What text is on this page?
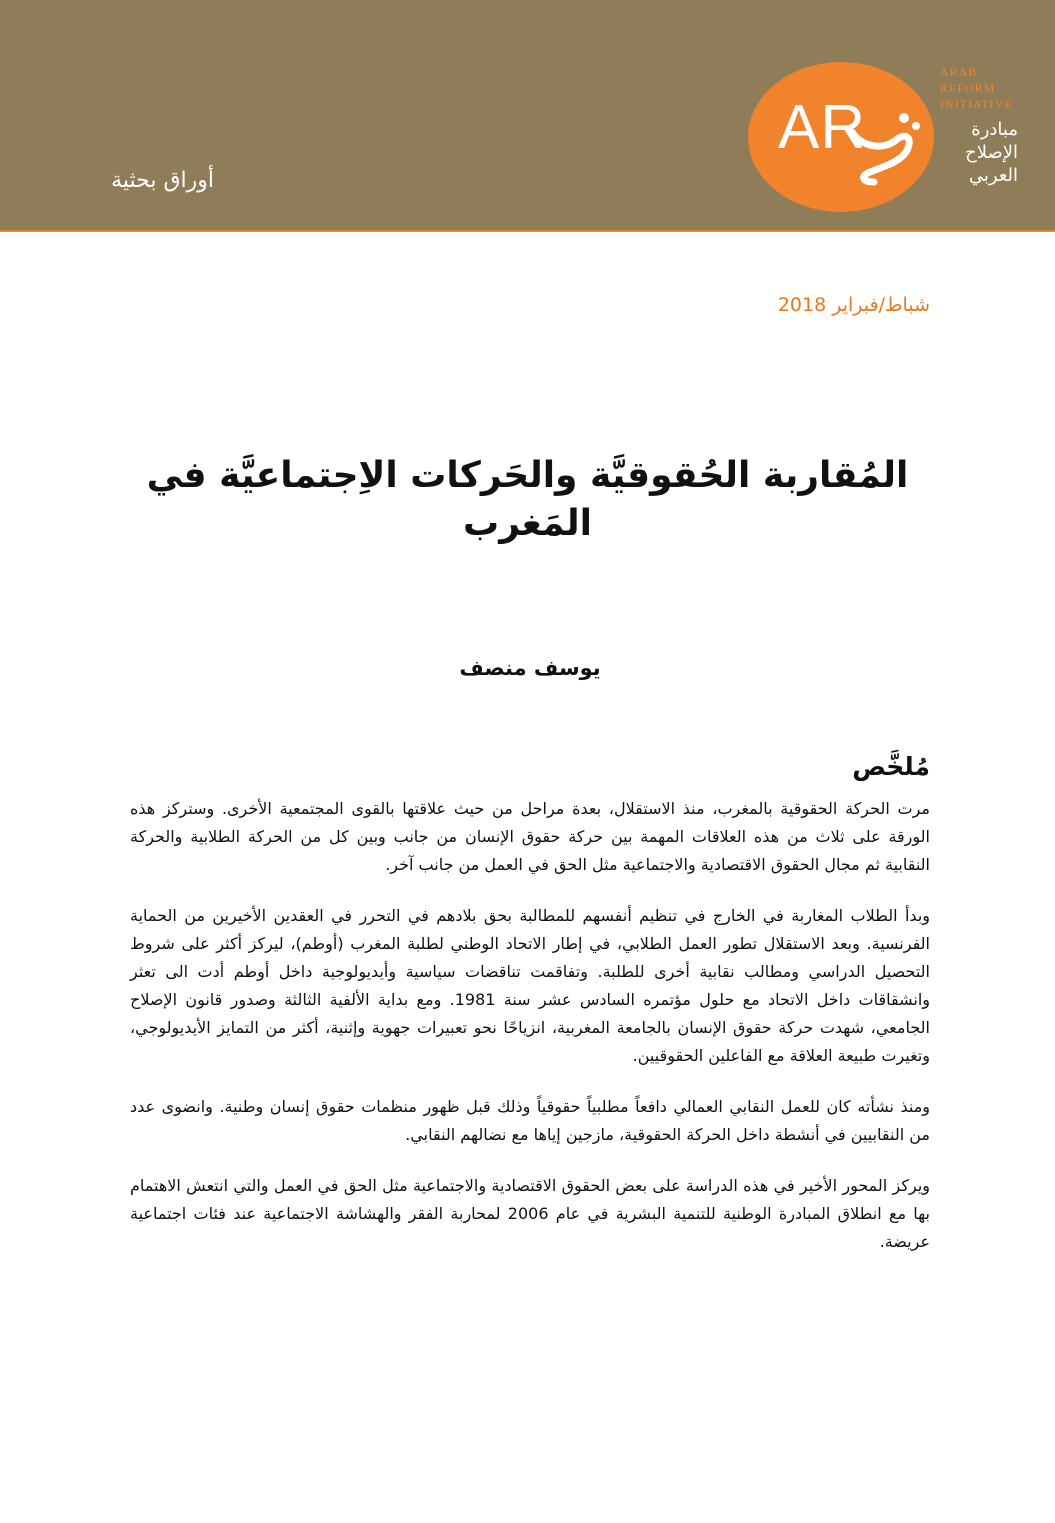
أوراق بحثية
AR
ARAB
REFORM
INITIATIVE
مبادرة
الإصلاح
العربي
شباط/فبراير 2018
المُقاربة الحُقوقيَّة والحَركات الاِجتماعيَّة في المَغرب
يوسف منصف
مُلخَّص

مرت الحركة الحقوقية بالمغرب، منذ الاستقلال، بعدة مراحل من حيث علاقتها بالقوى المجتمعية الأخرى. وستركز هذه الورقة على ثلاث من هذه العلاقات المهمة بين حركة حقوق الإنسان من جانب وبين كل من الحركة الطلابية والحركة النقابية ثم مجال الحقوق الاقتصادية والاجتماعية مثل الحق في العمل من جانب آخر.

وبدأ الطلاب المغاربة في الخارج في تنظيم أنفسهم للمطالبة بحق بلادهم في التحرر في العقدين الأخيرين من الحماية الفرنسية. وبعد الاستقلال تطور العمل الطلابي، في إطار الاتحاد الوطني لطلبة المغرب (أوطم)، ليركز أكثر على شروط التحصيل الدراسي ومطالب نقابية أخرى للطلبة. وتفاقمت تناقضات سياسية وأيديولوجية داخل أوطم أدت الى تعثر وانشقاقات داخل الاتحاد مع حلول مؤتمره السادس عشر سنة 1981. ومع بداية الألفية الثالثة وصدور قانون الإصلاح الجامعي، شهدت حركة حقوق الإنسان بالجامعة المغربية، انزياحًا نحو تعبيرات جهوية وإثنية، أكثر من التمايز الأيديولوجي، وتغيرت طبيعة العلاقة مع الفاعلين الحقوقيين.

ومنذ نشأته كان للعمل النقابي العمالي دافعاً مطلبياً حقوقياً وذلك قبل ظهور منظمات حقوق إنسان وطنية. وانضوى عدد من النقابيين في أنشطة داخل الحركة الحقوقية، مازجين إياها مع نضالهم النقابي.

ويركز المحور الأخير في هذه الدراسة على بعض الحقوق الاقتصادية والاجتماعية مثل الحق في العمل والتي انتعش الاهتمام بها مع انطلاق المبادرة الوطنية للتنمية البشرية في عام 2006 لمحاربة الفقر والهشاشة الاجتماعية عند فئات اجتماعية عريضة.
